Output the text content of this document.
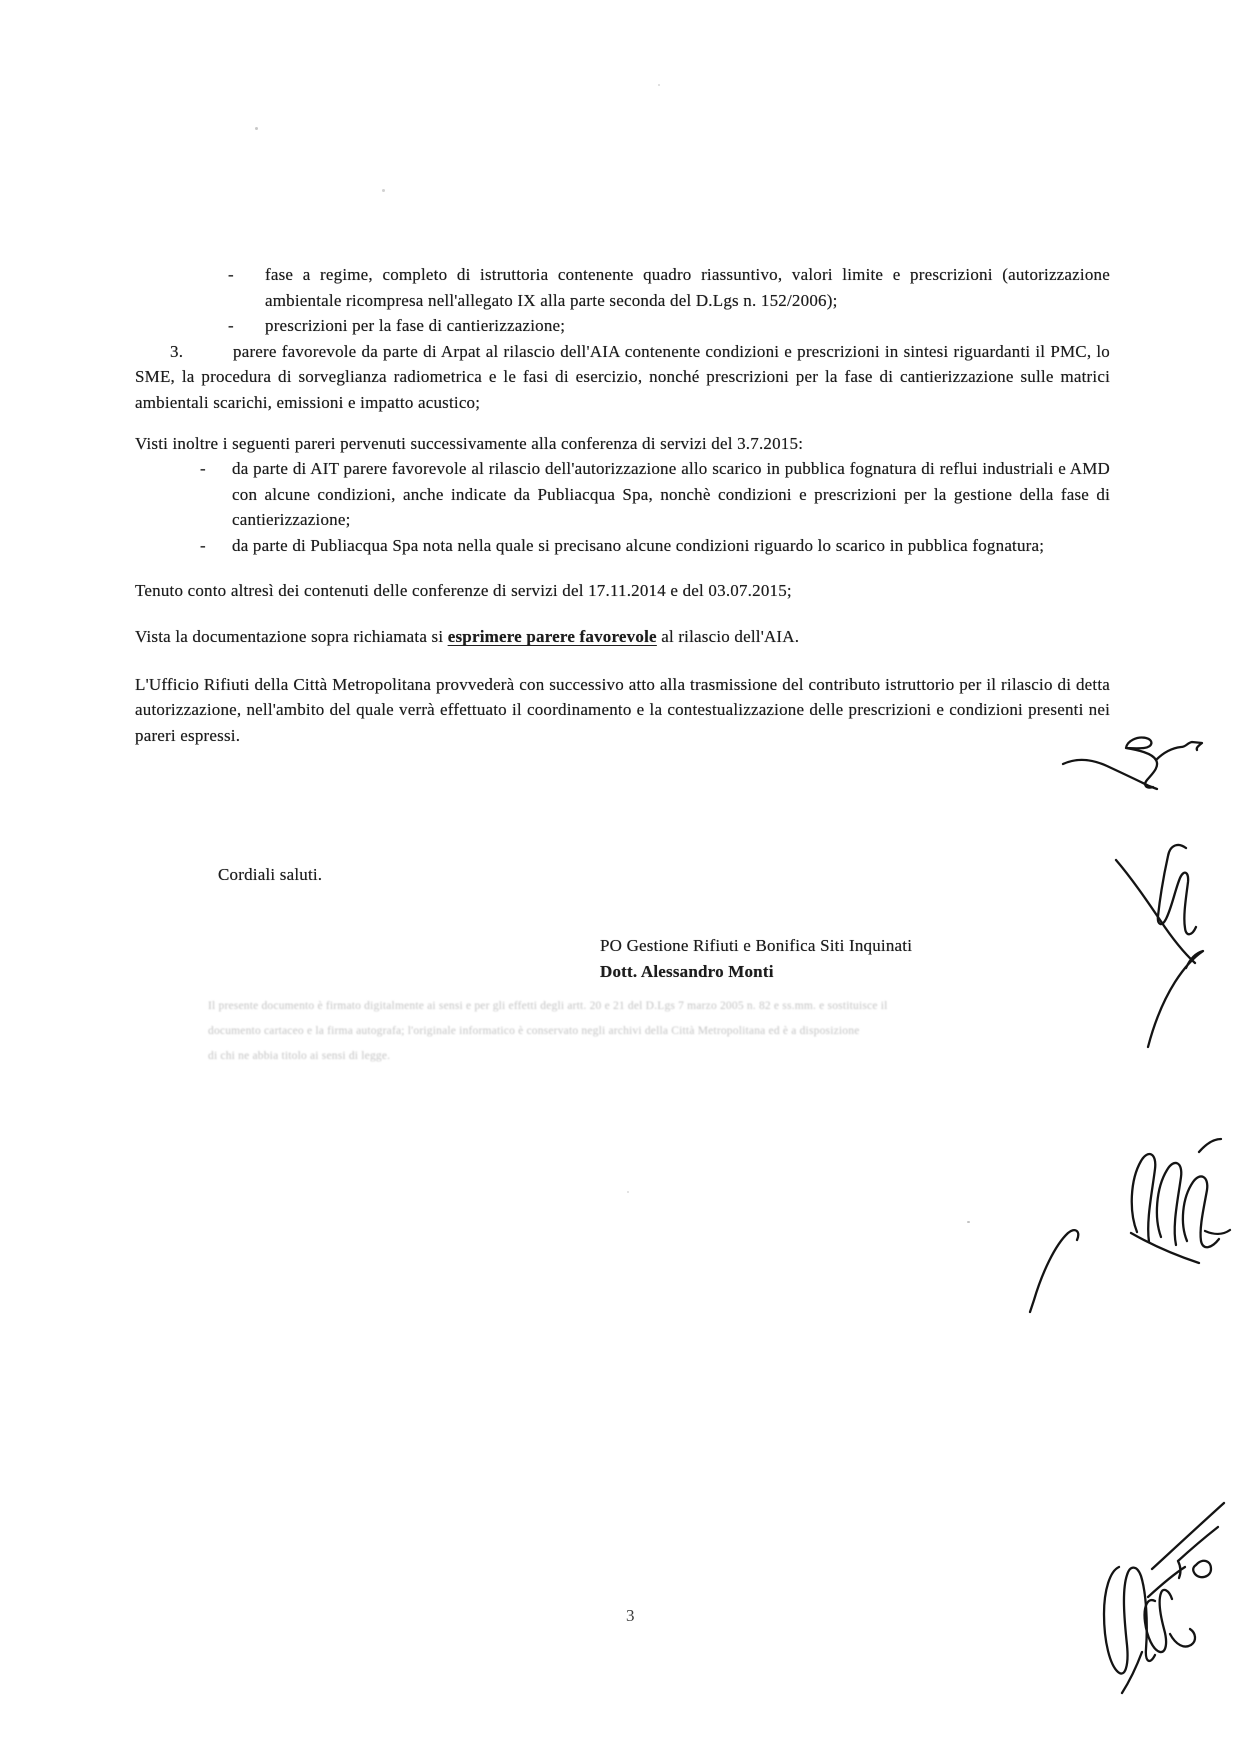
-	fase a regime, completo di istruttoria contenente quadro riassuntivo, valori limite e prescrizioni (autorizzazione ambientale ricompresa nell'allegato IX alla parte seconda del D.Lgs n. 152/2006);
-	prescrizioni per la fase di cantierizzazione;

3.	parere favorevole da parte di Arpat al rilascio dell'AIA contenente condizioni e prescrizioni in sintesi riguardanti il PMC, lo SME, la procedura di sorveglianza radiometrica e le fasi di esercizio, nonché prescrizioni per la fase di cantierizzazione sulle matrici ambientali scarichi, emissioni e impatto acustico;

Visti inoltre i seguenti pareri pervenuti successivamente alla conferenza di servizi del 3.7.2015:

-	da parte di AIT parere favorevole al rilascio dell'autorizzazione allo scarico in pubblica fognatura di reflui industriali e AMD con alcune condizioni, anche indicate da Publiacqua Spa, nonchè condizioni e prescrizioni per la gestione della fase di cantierizzazione;
-	da parte di Publiacqua Spa nota nella quale si precisano alcune condizioni riguardo lo scarico in pubblica fognatura;

Tenuto conto altresì dei contenuti delle conferenze di servizi del 17.11.2014 e del 03.07.2015;

Vista la documentazione sopra richiamata si esprimere parere favorevole al rilascio dell'AIA.

L'Ufficio Rifiuti della Città Metropolitana provvederà con successivo atto alla trasmissione del contributo istruttorio per il rilascio di detta autorizzazione, nell'ambito del quale verrà effettuato il coordinamento e la contestualizzazione delle prescrizioni e condizioni presenti nei pareri espressi.

Cordiali saluti.

PO Gestione Rifiuti e Bonifica Siti Inquinati
Dott. Alessandro Monti
Il presente documento è firmato digitalmente ai sensi e per gli effetti degli artt. 20 e 21 del D.Lgs 7 marzo 2005 n. 82 e ss.mm. e sostituisce il
documento cartaceo e la firma autografa; l'originale informatico è conservato negli archivi della Città Metropolitana ed è a disposizione
di chi ne abbia titolo ai sensi di legge.
3
